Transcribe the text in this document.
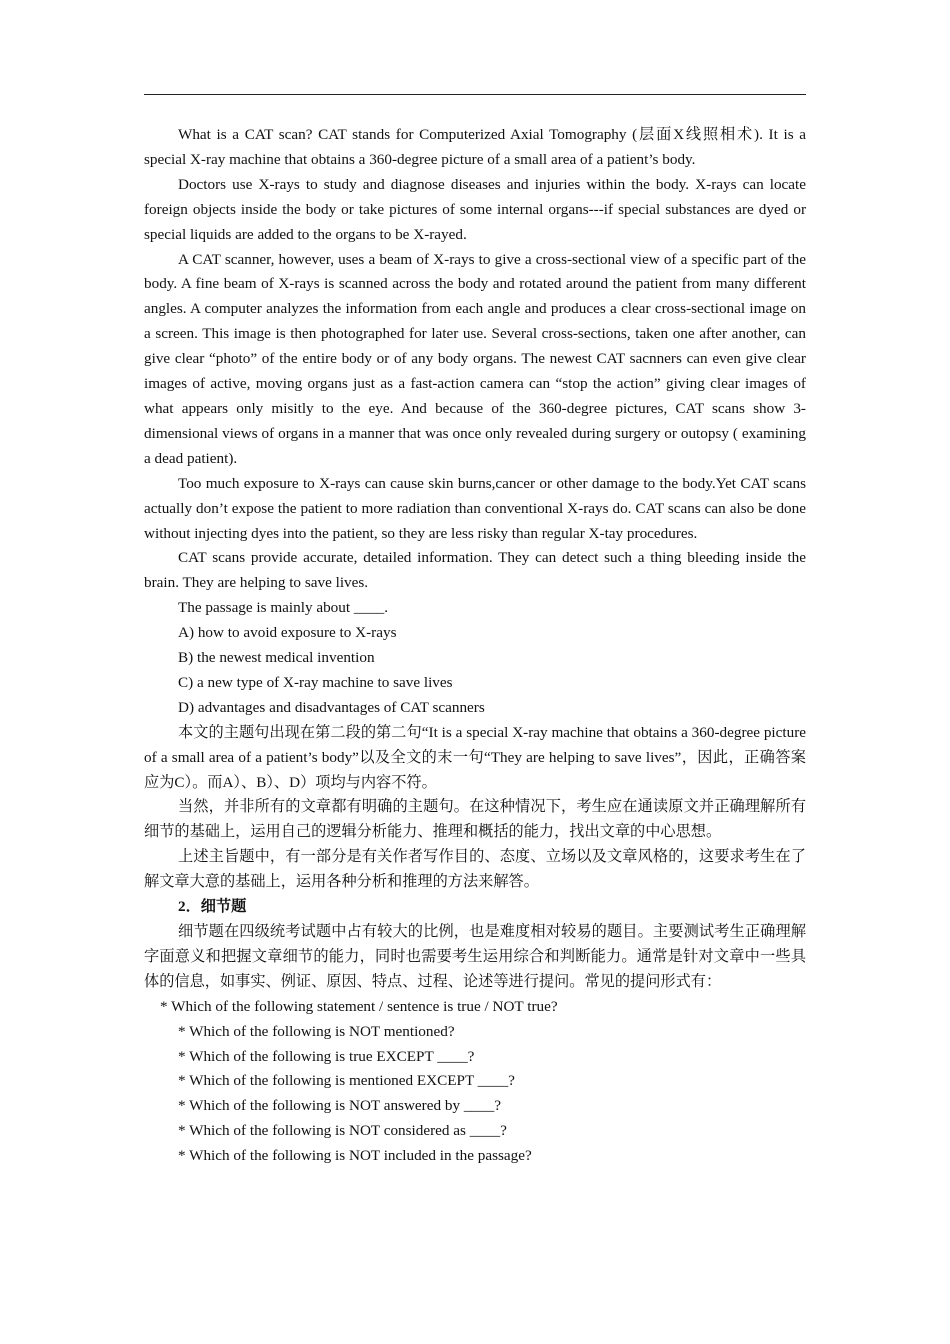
What is a CAT scan? CAT stands for Computerized Axial Tomography (层面X线照相术). It is a special X-ray machine that obtains a 360-degree picture of a small area of a patient’s body.

Doctors use X-rays to study and diagnose diseases and injuries within the body. X-rays can locate foreign objects inside the body or take pictures of some internal organs---if special substances are dyed or special liquids are added to the organs to be X-rayed.

A CAT scanner, however, uses a beam of X-rays to give a cross-sectional view of a specific part of the body. A fine beam of X-rays is scanned across the body and rotated around the patient from many different angles. A computer analyzes the information from each angle and produces a clear cross-sectional image on a screen. This image is then photographed for later use. Several cross-sections, taken one after another, can give clear “photo” of the entire body or of any body organs. The newest CAT sacnners can even give clear images of active, moving organs just as a fast-action camera can “stop the action” giving clear images of what appears only misitly to the eye. And because of the 360-degree pictures, CAT scans show 3-dimensional views of organs in a manner that was once only revealed during surgery or outopsy ( examining a dead patient).

Too much exposure to X-rays can cause skin burns,cancer or other damage to the body.Yet CAT scans actually don’t expose the patient to more radiation than conventional X-rays do. CAT scans can also be done without injecting dyes into the patient, so they are less risky than regular X-tay procedures.

CAT scans provide accurate, detailed information. They can detect such a thing bleeding inside the brain. They are helping to save lives.

The passage is mainly about ____.

A) how to avoid exposure to X-rays

B) the newest medical invention

C) a new type of X-ray machine to save lives

D) advantages and disadvantages of CAT scanners

本文的主题句出现在第二段的第二句“It is a special X-ray machine that obtains a 360-degree picture of a small area of a patient’s body”以及全文的末一句“They are helping to save lives”，因此，正确答案应为C）。而A）、B）、D）项均与内容不符。

当然，并非所有的文章都有明确的主题句。在这种情况下，考生应在通读原文并正确理解所有细节的基础上，运用自己的逻辑分析能力、推理和概括的能力，找出文章的中心思想。

上述主旨题中，有一部分是有关作者写作目的、态度、立场以及文章风格的，这要求考生在了解文章大意的基础上，运用各种分析和推理的方法来解答。

2．细节题

细节题在四级统考试题中占有较大的比例，也是难度相对较易的题目。主要测试考生正确理解字面意义和把握文章细节的能力，同时也需要考生运用综合和判断能力。通常是针对文章中一些具体的信息，如事实、例证、原因、特点、过程、论述等进行提问。常见的提问形式有：

* Which of the following statement / sentence is true / NOT true?

* Which of the following is NOT mentioned?

* Which of the following is true EXCEPT ____?

* Which of the following is mentioned EXCEPT ____?

* Which of the following is NOT answered by ____?

* Which of the following is NOT considered as ____?

* Which of the following is NOT included in the passage?
